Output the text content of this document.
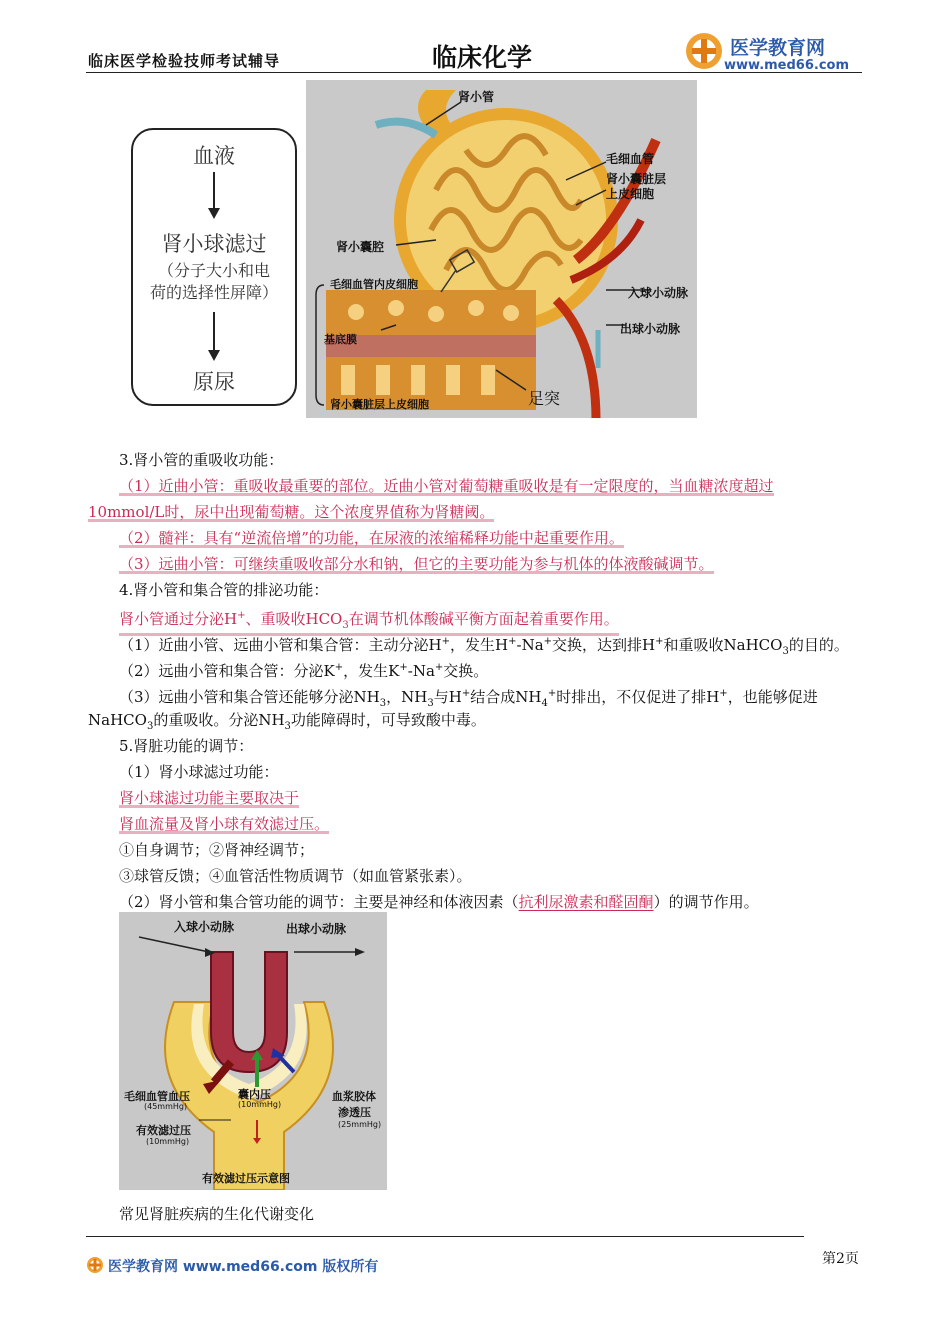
临床医学检验技师考试辅导	临床化学	医学教育网
www.med66.com
血液
肾小球滤过
（分子大小和电
荷的选择性屏障）
原尿
肾小管
毛细血管
肾小囊脏层
上皮细胞
肾小囊腔
毛细血管内皮细胞
基底膜
入球小动脉
出球小动脉
足突
肾小囊脏层上皮细胞
3.肾小管的重吸收功能：
（1）近曲小管：重吸收最重要的部位。近曲小管对葡萄糖重吸收是有一定限度的，当血糖浓度超过
10mmol/L时，尿中出现葡萄糖。这个浓度界值称为肾糖阈。
（2）髓袢：具有“逆流倍增”的功能，在尿液的浓缩稀释功能中起重要作用。
（3）远曲小管：可继续重吸收部分水和钠，但它的主要功能为参与机体的体液酸碱调节。
4.肾小管和集合管的排泌功能：
肾小管通过分泌H+、重吸收$HCO_3$在调节机体酸碱平衡方面起着重要作用。
（1）近曲小管、远曲小管和集合管：主动分泌H+，发生H+-Na+交换，达到排H+和重吸收NaHCO$_3$的目的。
（2）远曲小管和集合管：分泌K+，发生K+-Na+交换。
（3）远曲小管和集合管还能够分泌$NH_3$，$NH_3$与H+结合成$NH_4^+$时排出，不仅促进了排H+，也能够促进
NaHCO$_3$的重吸收。分泌$NH_3$功能障碍时，可导致酸中毒。
5.肾脏功能的调节：
（1）肾小球滤过功能：
肾小球滤过功能主要取决于
肾血流量及肾小球有效滤过压。
①自身调节；②肾神经调节；
③球管反馈；④血管活性物质调节（如血管紧张素）。
（2）肾小管和集合管功能的调节：主要是神经和体液因素（抗利尿激素和醛固酮）的调节作用。
入球小动脉	出球小动脉
毛细血管血压
(45mmHg)
有效滤过压
(10mmHg)
囊内压
(10mmHg)
血浆胶体
渗透压
(25mmHg)
有效滤过压示意图
常见肾脏疾病的生化代谢变化
医学教育网 www.med66.com 版权所有	第2页
